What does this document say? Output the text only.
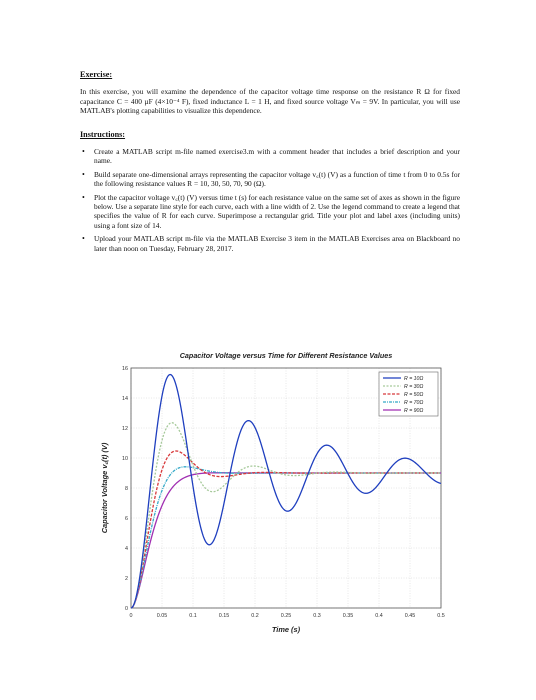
Exercise:
In this exercise, you will examine the dependence of the capacitor voltage time response on the resistance R Ω for fixed capacitance C = 400 µF (4×10⁻⁴ F), fixed inductance L = 1 H, and fixed source voltage Vₘ = 9V. In particular, you will use MATLAB's plotting capabilities to visualize this dependence.
Instructions:
• Create a MATLAB script m-file named exercise3.m with a comment header that includes a brief description and your name.
• Build separate one-dimensional arrays representing the capacitor voltage v꜀(t) (V) as a function of time t from 0 to 0.5s for the following resistance values R = 10, 30, 50, 70, 90 (Ω).
• Plot the capacitor voltage v꜀(t) (V) versus time t (s) for each resistance value on the same set of axes as shown in the figure below. Use a separate line style for each curve, each with a line width of 2. Use the legend command to create a legend that specifies the value of R for each curve. Superimpose a rectangular grid. Title your plot and label axes (including units) using a font size of 14.
• Upload your MATLAB script m-file via the MATLAB Exercise 3 item in the MATLAB Exercises area on Blackboard no later than noon on Tuesday, February 28, 2017.
Capacitor Voltage versus Time for Different Resistance Values
0	0.05	0.1	0.15	0.2	0.25	0.3	0.35	0.4	0.45	0.5
0
2
4
6
8
10
12
14
16
R = 10Ω
R = 30Ω
R = 50Ω
R = 70Ω
R = 90Ω
Time (s)
Capacitor Voltage v꜀(t) (V)
